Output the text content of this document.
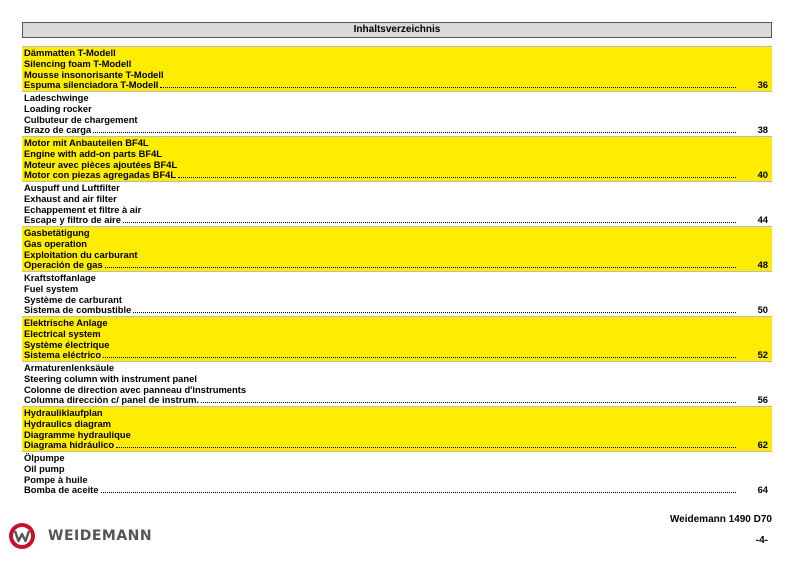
Inhaltsverzeichnis
Dämmatten T-Modell
Silencing foam T-Modell
Mousse insonorisante T-Modell
Espuma silenciadora T-Modell	36
Ladeschwinge
Loading rocker
Culbuteur de chargement
Brazo de carga	38
Motor mit Anbauteilen BF4L
Engine with add-on parts BF4L
Moteur avec pièces ajoutées BF4L
Motor con piezas agregadas BF4L	40
Auspuff und Luftfilter
Exhaust and air filter
Echappement et filtre à air
Escape y filtro de aire	44
Gasbetätigung
Gas operation
Exploitation du carburant
Operación de gas	48
Kraftstoffanlage
Fuel system
Système de carburant
Sistema de combustible	50
Elektrische Anlage
Electrical system
Système électrique
Sistema eléctrico	52
Armaturenlenksäule
Steering column with instrument panel
Colonne de direction avec panneau d'instruments
Columna dirección c/ panel de instrum.	56
Hydrauliklaufplan
Hydraulics diagram
Diagramme hydraulique
Diagrama hidráulico	62
Ölpumpe
Oil pump
Pompe à huile
Bomba de aceite	64
WEIDEMANN
Weidemann 1490 D70
-4-
